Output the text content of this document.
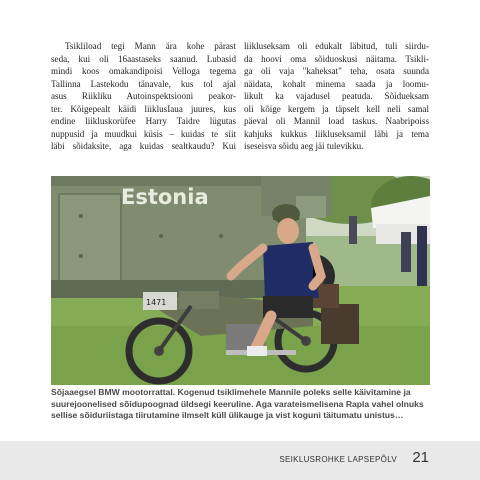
Tsikliload tegi Mann ära kohe pärast
seda, kui oli 16aastaseks saanud. Lubasid
mindi koos omakandipoisi Velloga tegema
Tallinna Lastekodu tänavale, kus tol ajal
asus Riikliku Autoinspektsiooni peakor-
ter. Kõigepealt käidi liiklusIaua juures, kus
endine liikluskorüfee Harry Taidre lügutas
nuppusid ja muudkui küsis – kuidas te siit
läbi sõidaksite, aga kuidas sealtkaudu? Kui

liikluseksam oli edukalt läbitud, tuli siirdu-
da hoovi oma sõiduoskusi näitama. Tsikli-
ga oli vaja "kaheksat" teha, osata suunda
näidata, kohalt minema saada ja loomu-
likult ka vajadusel peatuda. Sõidueksam
oli kõige kergem ja täpselt kell neli samal
päeval oli Mannil load taskus. Naabripoiss
kahjuks kukkus liikluseksamil läbi ja tema
iseseisva sõidu aeg jäi tulevikku.

Estonia
1471
Sõjaaegsel BMW mootorrattal. Kogenud tsiklimehele Mannile poleks selle käivitamine ja
suurejoonelised sõidupoognad üldsegi keeruline. Aga varateismelisena Rapla vahel olnuks
sellise sõiduriistaga tiirutamine ilmselt küll ülikauge ja vist koguni täitumatu unistus…
SEIKLUSROHKE LAPSEPÕLV 21
